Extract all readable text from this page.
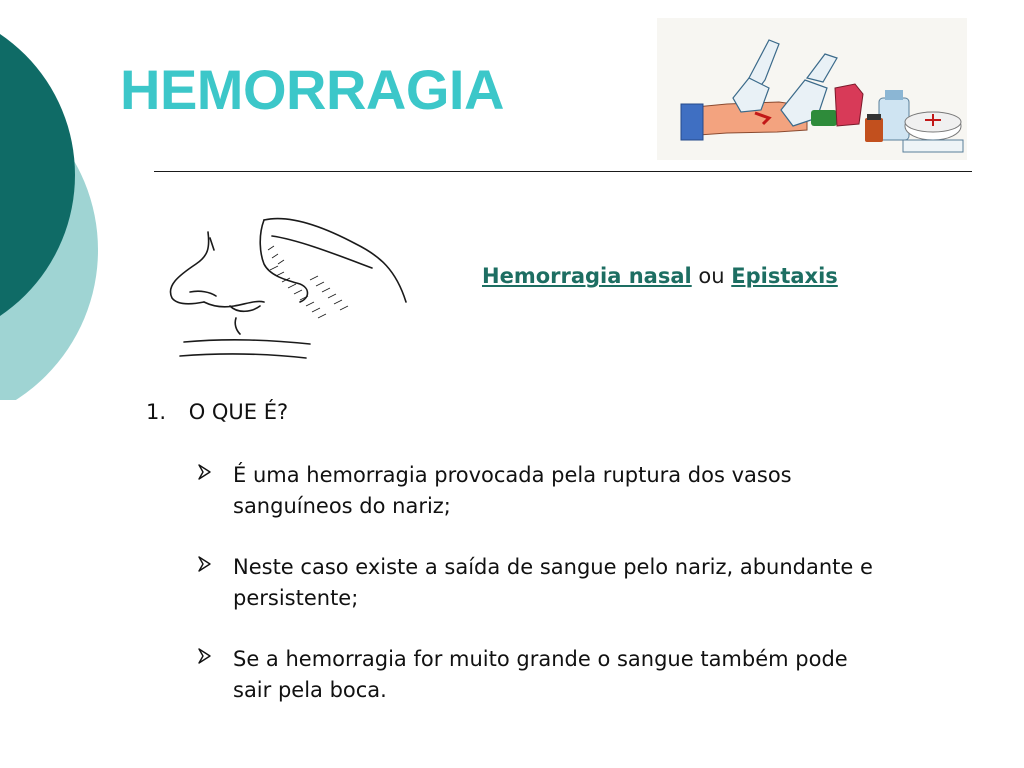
HEMORRAGIA
Hemorragia nasal ou Epistaxis
1. O QUE É?
É uma hemorragia provocada pela ruptura dos vasos sanguíneos do nariz;
Neste caso existe a saída de sangue pelo nariz, abundante e persistente;
Se a hemorragia for muito grande o sangue também pode sair pela boca.
